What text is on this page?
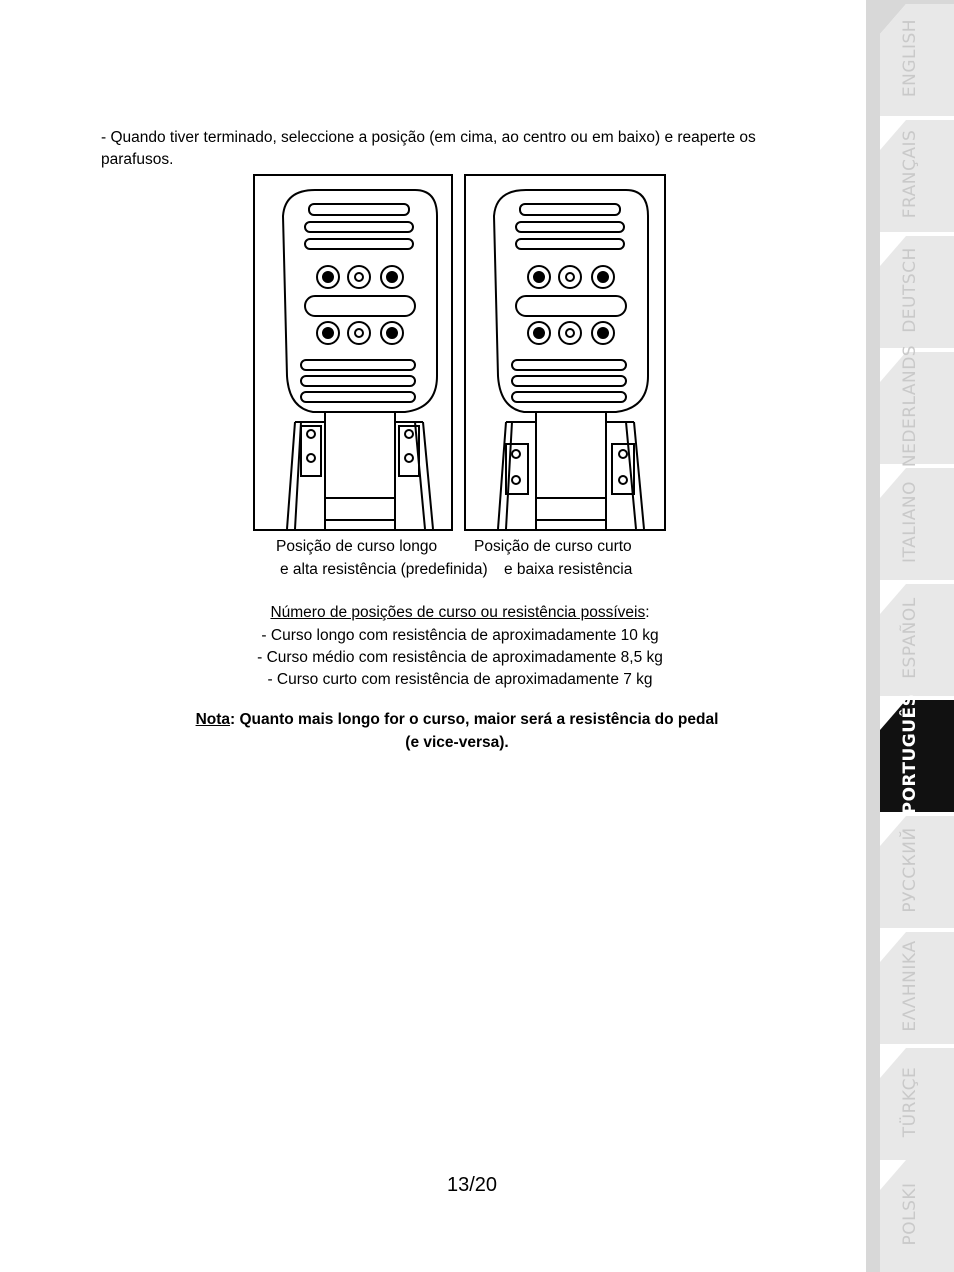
- Quando tiver terminado, seleccione a posição (em cima, ao centro ou em baixo) e reaperte os parafusos.
Posição de curso longo
e alta resistência (predefinida)
Posição de curso curto
e baixa resistência
Número de posições de curso ou resistência possíveis:
- Curso longo com resistência de aproximadamente 10 kg
- Curso médio com resistência de aproximadamente 8,5 kg
- Curso curto com resistência de aproximadamente 7 kg
Nota: Quanto mais longo for o curso, maior será a resistência do pedal
(e vice-versa).
13/20
ENGLISH
FRANÇAIS
DEUTSCH
NEDERLANDS
ITALIANO
ESPAÑOL
PORTUGUÊS
РУССКИЙ
ΕΛΛΗΝΙΚΑ
TÜRKÇE
POLSKI
